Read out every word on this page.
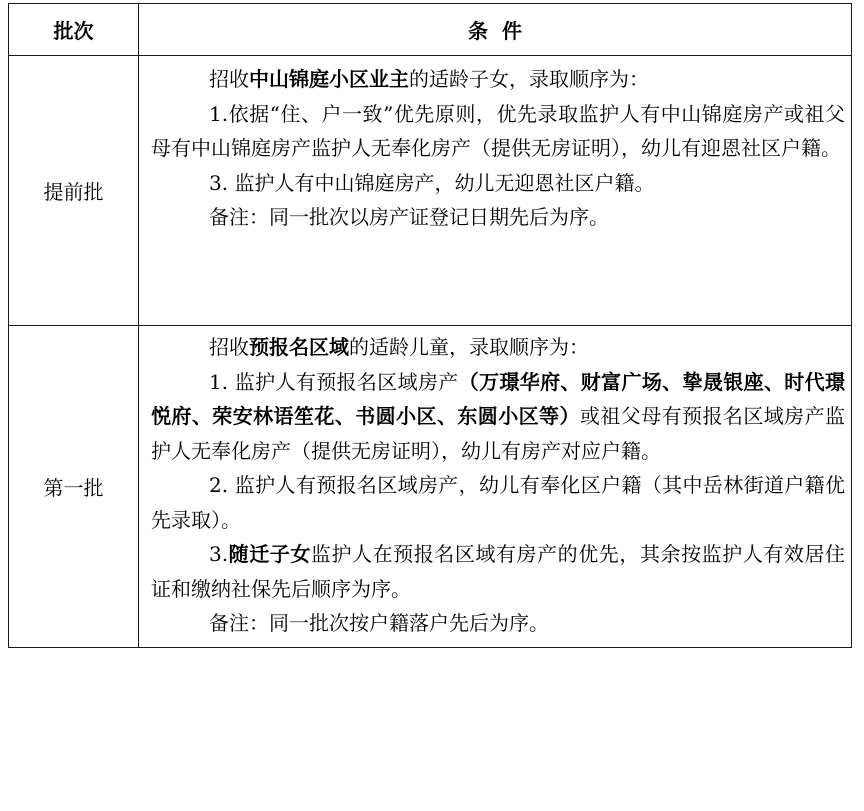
批次	条  件
提前批	招收中山锦庭小区业主的适龄子女，录取顺序为：

1.依据“住、户一致”优先原则，优先录取监护人有中山锦庭房产或祖父母有中山锦庭房产监护人无奉化房产（提供无房证明），幼儿有迎恩社区户籍。

3. 监护人有中山锦庭房产，幼儿无迎恩社区户籍。

备注：同一批次以房产证登记日期先后为序。

第一批	招收预报名区域的适龄儿童，录取顺序为：

1. 监护人有预报名区域房产（万璟华府、财富广场、挚晟银座、时代璟悦府、荣安林语笙花、书圆小区、东圆小区等）或祖父母有预报名区域房产监护人无奉化房产（提供无房证明），幼儿有房产对应户籍。

2. 监护人有预报名区域房产，幼儿有奉化区户籍（其中岳林街道户籍优先录取）。

3.随迁子女监护人在预报名区域有房产的优先，其余按监护人有效居住证和缴纳社保先后顺序为序。

备注：同一批次按户籍落户先后为序。
